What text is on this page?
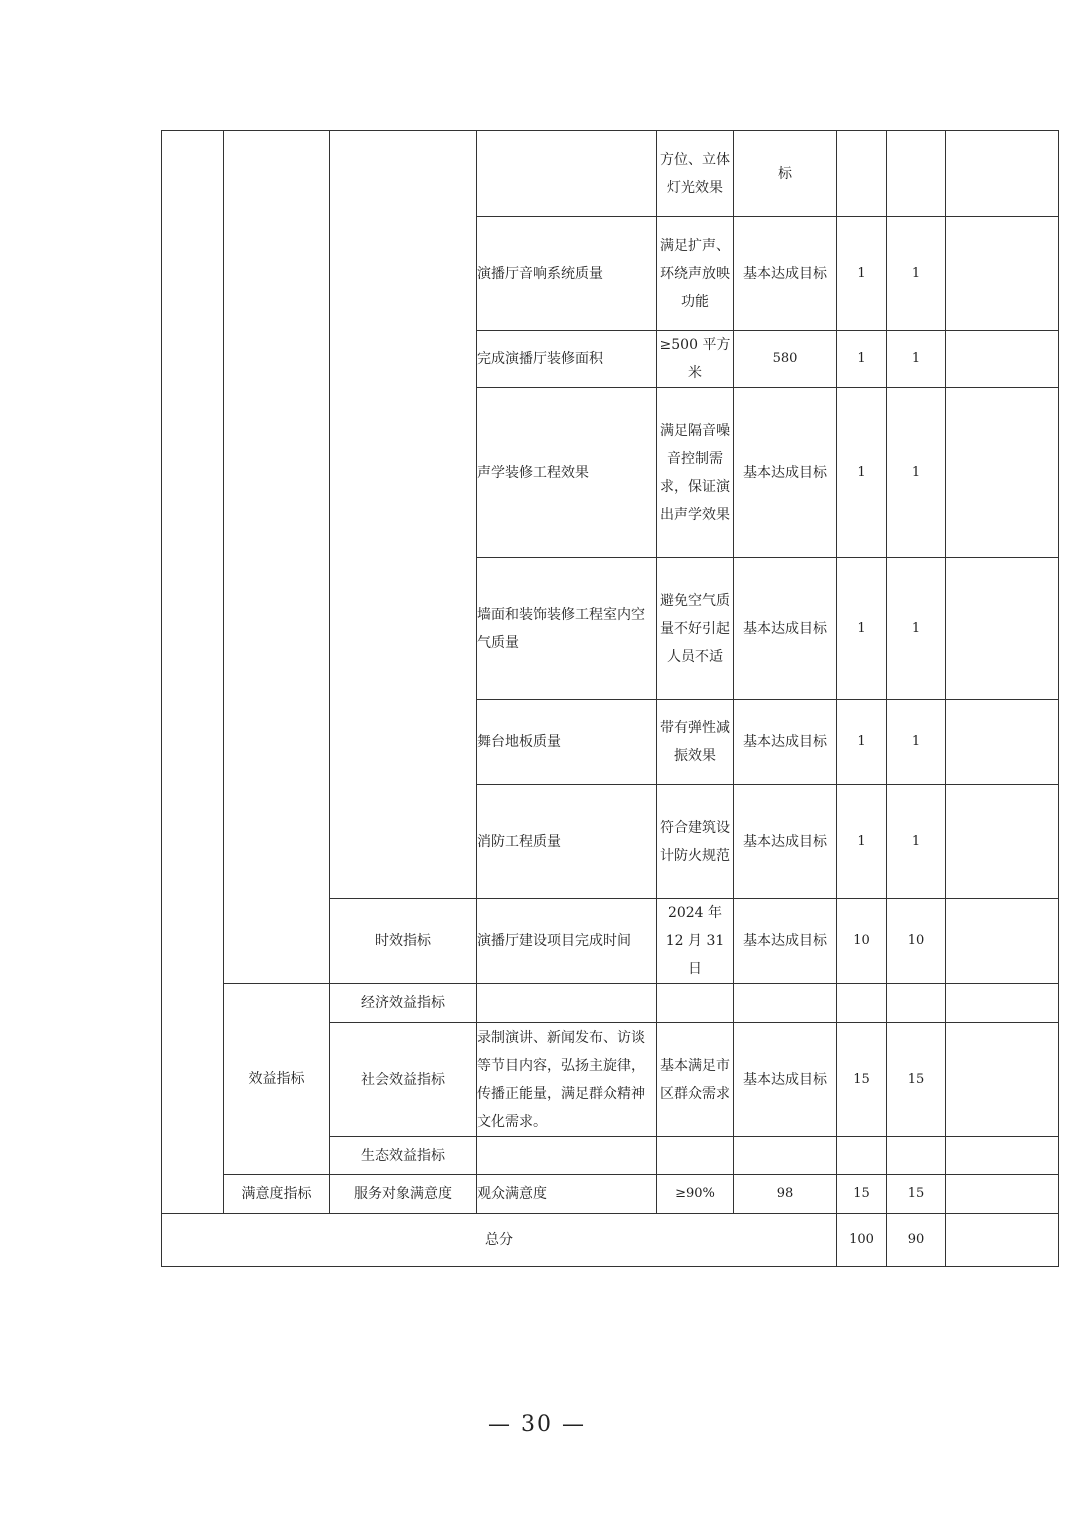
				方位、立体灯光效果	标			
			演播厅音响系统质量	满足扩声、环绕声放映功能	基本达成目标	1	1	
			完成演播厅装修面积	≥500 平方米	580	1	1	
			声学装修工程效果	满足隔音噪音控制需求，保证演出声学效果	基本达成目标	1	1	
			墙面和装饰装修工程室内空气质量	避免空气质量不好引起人员不适	基本达成目标	1	1	
			舞台地板质量	带有弹性减振效果	基本达成目标	1	1	
			消防工程质量	符合建筑设计防火规范	基本达成目标	1	1	
		时效指标	演播厅建设项目完成时间	2024 年 12 月 31 日	基本达成目标	10	10	
	效益指标	经济效益指标						
		社会效益指标	录制演讲、新闻发布、访谈等节目内容，弘扬主旋律，传播正能量，满足群众精神文化需求。	基本满足市区群众需求	基本达成目标	15	15	
		生态效益指标						
	满意度指标	服务对象满意度	观众满意度	≥90%	98	15	15	
总分						100	90	
— 30 —
